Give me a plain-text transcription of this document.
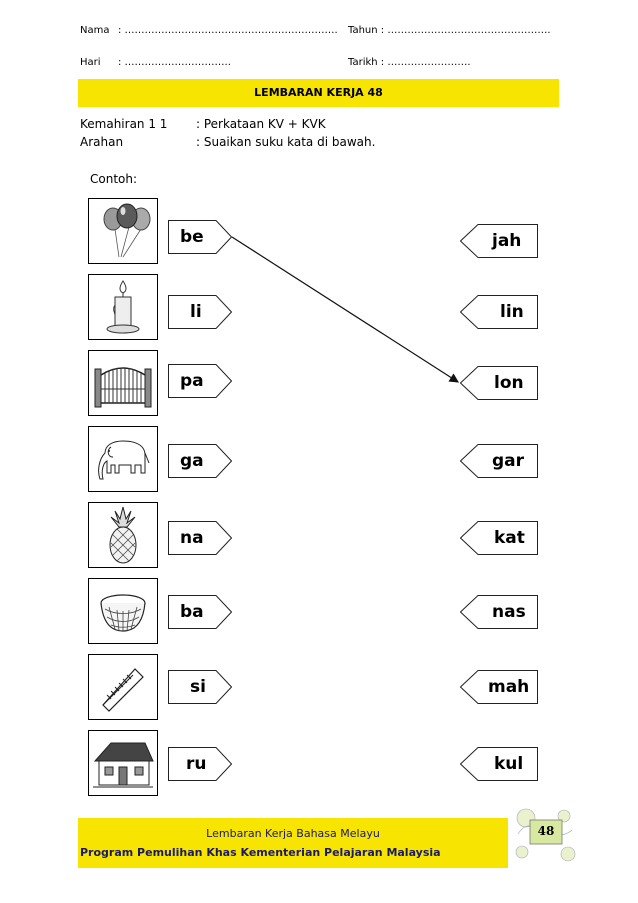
Nama : ………………………………………………………. Tahun : ………………………………………….
Hari : …………………………..	Tarikh : …………………….
LEMBARAN KERJA 48
Kemahiran 1 1 : Perkataan KV + KVK
Arahan	: Suaikan suku kata di bawah.
Contoh:
be
li
pa
ga
na
ba
si
ru
jah
lin
lon
gar
kat
nas
mah
kul
Lembaran Kerja Bahasa Melayu
Program Pemulihan Khas Kementerian Pelajaran Malaysia
48
